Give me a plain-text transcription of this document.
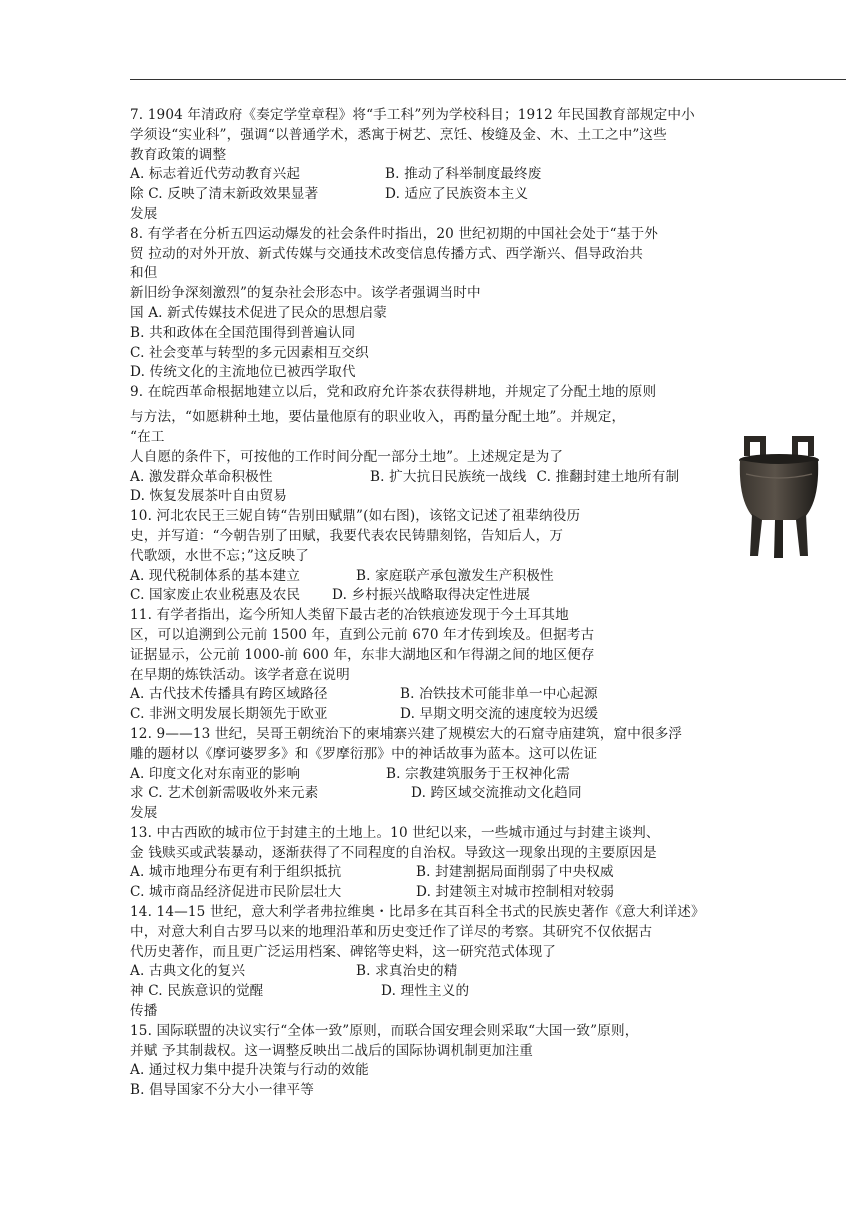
7. 1904 年清政府《奏定学堂章程》将“手工科”列为学校科目；1912 年民国教育部规定中小
学须设“实业科”，强调“以普通学术，悉寓于树艺、烹饪、梭缝及金、木、土工之中”这些
教育政策的调整
A. 标志着近代劳动教育兴起	B. 推动了科举制度最终废
除 C. 反映了清末新政效果显著	D. 适应了民族资本主义
发展
8. 有学者在分析五四运动爆发的社会条件时指出，20 世纪初期的中国社会处于“基于外
贸 拉动的对外开放、新式传媒与交通技术改变信息传播方式、西学渐兴、倡导政治共
和但
新旧纷争深刻激烈”的复杂社会形态中。该学者强调当时中
国 A. 新式传媒技术促进了民众的思想启蒙
B. 共和政体在全国范围得到普遍认同
C. 社会变革与转型的多元因素相互交织
D. 传统文化的主流地位已被西学取代
9. 在皖西革命根据地建立以后，党和政府允许茶农获得耕地，并规定了分配土地的原则
与方法，“如愿耕种土地，要估量他原有的职业收入，再酌量分配土地”。并规定，
“在工
人自愿的条件下，可按他的工作时间分配一部分土地”。上述规定是为了
A. 激发群众革命积极性	B. 扩大抗日民族统一战线 C. 推翻封建土地所有制
D. 恢复发展茶叶自由贸易
10. 河北农民王三妮自铸“告别田赋鼎”(如右图)，该铭文记述了祖辈纳役历
史，并写道：“今朝告别了田赋，我要代表农民铸鼎刻铭，告知后人，万
代歌颂，水世不忘；”这反映了
A. 现代税制体系的基本建立	B. 家庭联产承包激发生产积极性
C. 国家废止农业税惠及农民 D. 乡村振兴战略取得决定性进展
11. 有学者指出，迄今所知人类留下最古老的冶铁痕迹发现于今土耳其地
区，可以追溯到公元前 1500 年，直到公元前 670 年才传到埃及。但据考古
证据显示，公元前 1000-前 600 年，东非大湖地区和乍得湖之间的地区便存
在早期的炼铁活动。该学者意在说明
A. 古代技术传播具有跨区域路径	B. 冶铁技术可能非单一中心起源
C. 非洲文明发展长期领先于欧亚	D. 早期文明交流的速度较为迟缓
12. 9——13 世纪，吴哥王朝统治下的柬埔寨兴建了规模宏大的石窟寺庙建筑，窟中很多浮
雕的题材以《摩诃婆罗多》和《罗摩衍那》中的神话故事为蓝本。这可以佐证
A. 印度文化对东南亚的影响	B. 宗教建筑服务于王权神化需
求 C. 艺术创新需吸收外来元素	D. 跨区域交流推动文化趋同
发展
13. 中古西欧的城市位于封建主的土地上。10 世纪以来，一些城市通过与封建主谈判、
金 钱赎买或武装暴动，逐渐获得了不同程度的自治权。导致这一现象出现的主要原因是
A. 城市地理分布更有利于组织抵抗	B. 封建割据局面削弱了中央权威
C. 城市商品经济促进市民阶层壮大	D. 封建领主对城市控制相对较弱
14. 14—15 世纪，意大利学者弗拉维奥・比昂多在其百科全书式的民族史著作《意大利详述》
中，对意大利自古罗马以来的地理沿革和历史变迁作了详尽的考察。其研究不仅依据古
代历史著作，而且更广泛运用档案、碑铭等史料，这一研究范式体现了
A. 古典文化的复兴	B. 求真治史的精
神 C. 民族意识的觉醒	D. 理性主义的
传播
15. 国际联盟的决议实行“全体一致”原则，而联合国安理会则采取“大国一致”原则，
并赋 予其制裁权。这一调整反映出二战后的国际协调机制更加注重
A. 通过权力集中提升决策与行动的效能
B. 倡导国家不分大小一律平等
